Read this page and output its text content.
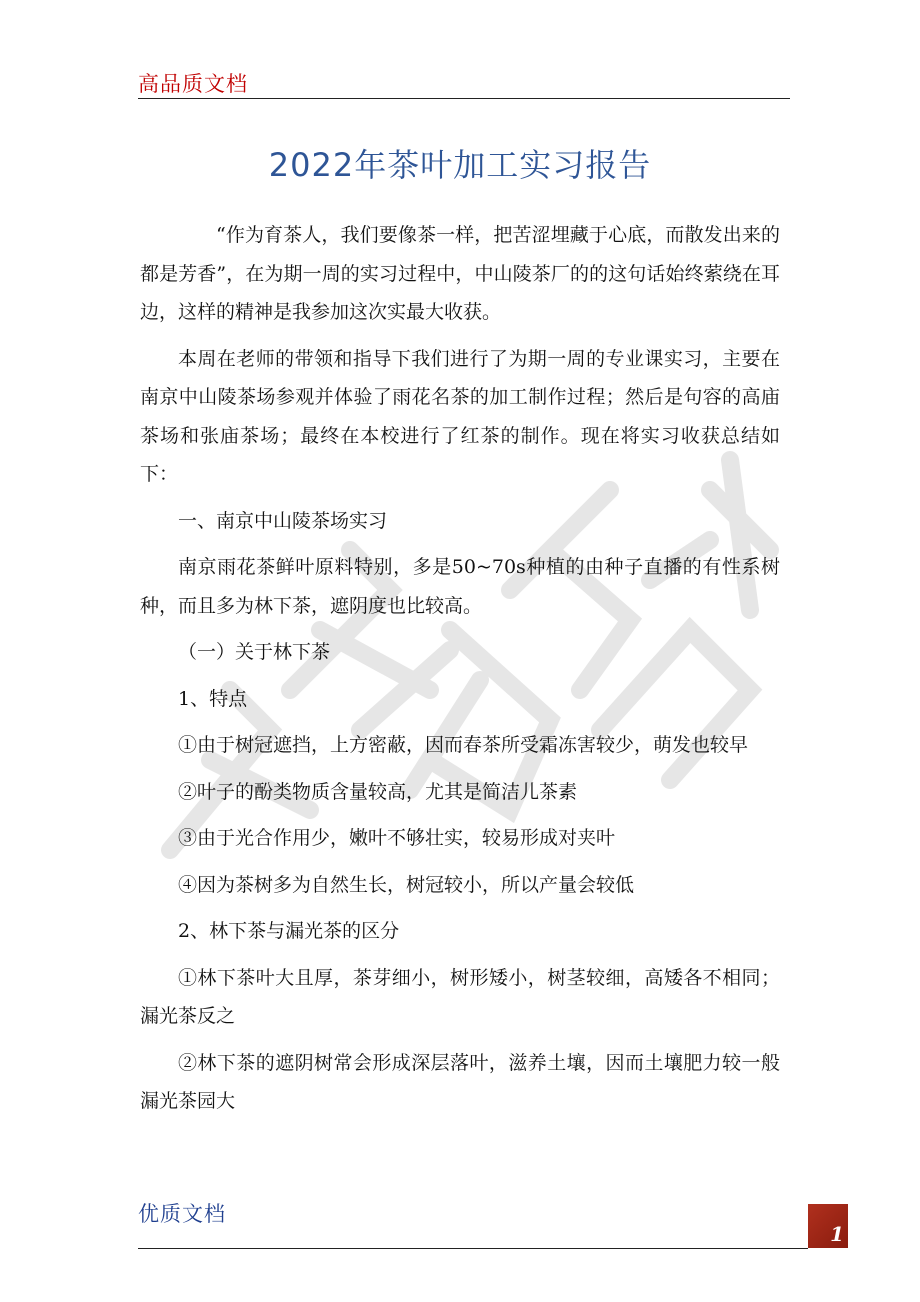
高品质文档
2022年茶叶加工实习报告

“作为育茶人，我们要像茶一样，把苦涩埋藏于心底，而散发出来的都是芳香”，在为期一周的实习过程中，中山陵茶厂的的这句话始终萦绕在耳边，这样的精神是我参加这次实最大收获。

本周在老师的带领和指导下我们进行了为期一周的专业课实习，主要在南京中山陵茶场参观并体验了雨花名茶的加工制作过程；然后是句容的高庙茶场和张庙茶场；最终在本校进行了红茶的制作。现在将实习收获总结如下：

一、南京中山陵茶场实习

南京雨花茶鲜叶原料特别，多是50~70s种植的由种子直播的有性系树种，而且多为林下茶，遮阴度也比较高。

（一）关于林下茶

1、特点

①由于树冠遮挡，上方密蔽，因而春茶所受霜冻害较少，萌发也较早

②叶子的酚类物质含量较高，尤其是简洁儿茶素

③由于光合作用少，嫩叶不够壮实，较易形成对夹叶

④因为茶树多为自然生长，树冠较小，所以产量会较低

2、林下茶与漏光茶的区分

①林下茶叶大且厚，茶芽细小，树形矮小，树茎较细，高矮各不相同；漏光茶反之

②林下茶的遮阴树常会形成深层落叶，滋养土壤，因而土壤肥力较一般漏光茶园大

优质文档
1
